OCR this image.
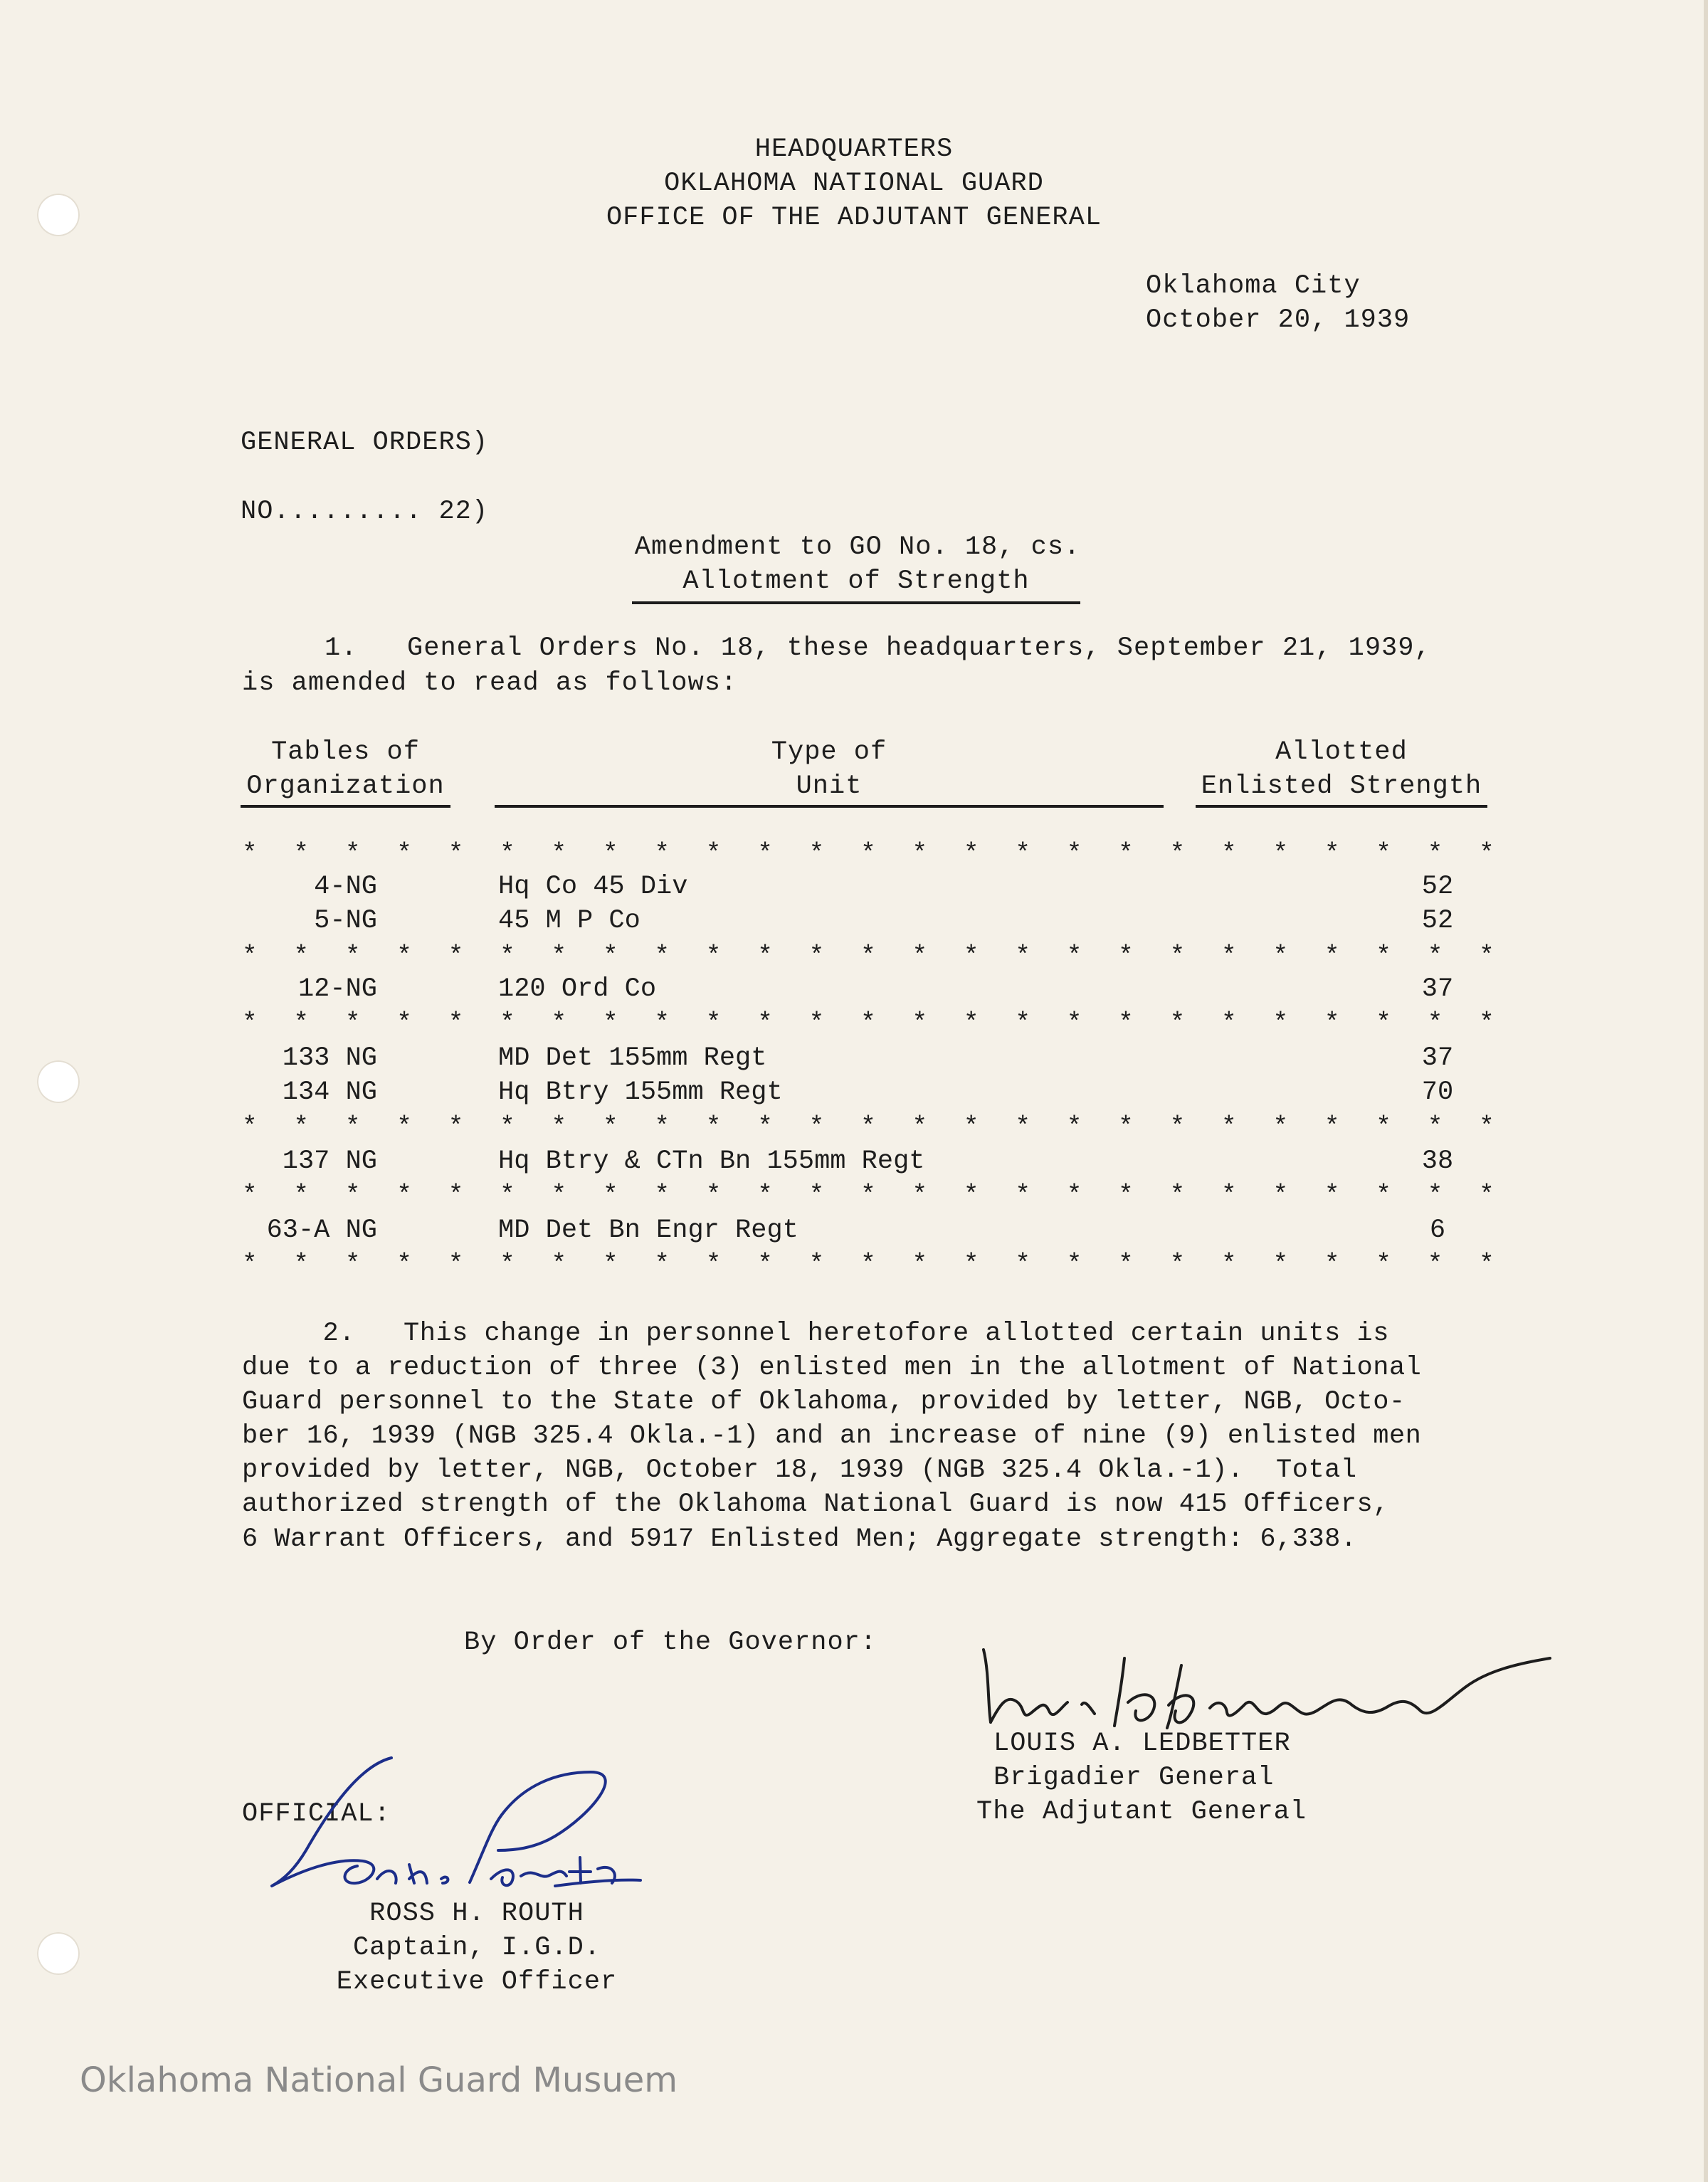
HEADQUARTERS
OKLAHOMA NATIONAL GUARD
OFFICE OF THE ADJUTANT GENERAL
Oklahoma City
October 20, 1939
GENERAL ORDERS)
NO......... 22)
Amendment to GO No. 18, cs.
Allotment of Strength
1.   General Orders No. 18, these headquarters, September 21, 1939,
is amended to read as follows:
Tables of
Organization
Type of
Unit
Allotted
Enlisted Strength
* * * * * * * * * * * * * * * * * * * * * * * * *
4-NG	Hq Co 45 Div	52
5-NG	45 M P Co	52
* * * * * * * * * * * * * * * * * * * * * * * * *
12-NG	120 Ord Co	37
* * * * * * * * * * * * * * * * * * * * * * * * *
133 NG	MD Det 155mm Regt	37
134 NG	Hq Btry 155mm Regt	70
* * * * * * * * * * * * * * * * * * * * * * * * *
137 NG	Hq Btry & CTn Bn 155mm Regt	38
* * * * * * * * * * * * * * * * * * * * * * * * *
63-A NG	MD Det Bn Engr Regt	6
* * * * * * * * * * * * * * * * * * * * * * * * *
2.   This change in personnel heretofore allotted certain units is
due to a reduction of three (3) enlisted men in the allotment of National
Guard personnel to the State of Oklahoma, provided by letter, NGB, Octo-
ber 16, 1939 (NGB 325.4 Okla.-1) and an increase of nine (9) enlisted men
provided by letter, NGB, October 18, 1939 (NGB 325.4 Okla.-1).  Total
authorized strength of the Oklahoma National Guard is now 415 Officers,
6 Warrant Officers, and 5917 Enlisted Men; Aggregate strength: 6,338.
By Order of the Governor:
LOUIS A. LEDBETTER
Brigadier General
The Adjutant General
OFFICIAL:
ROSS H. ROUTH
Captain, I.G.D.
Executive Officer
Oklahoma National Guard Musuem
